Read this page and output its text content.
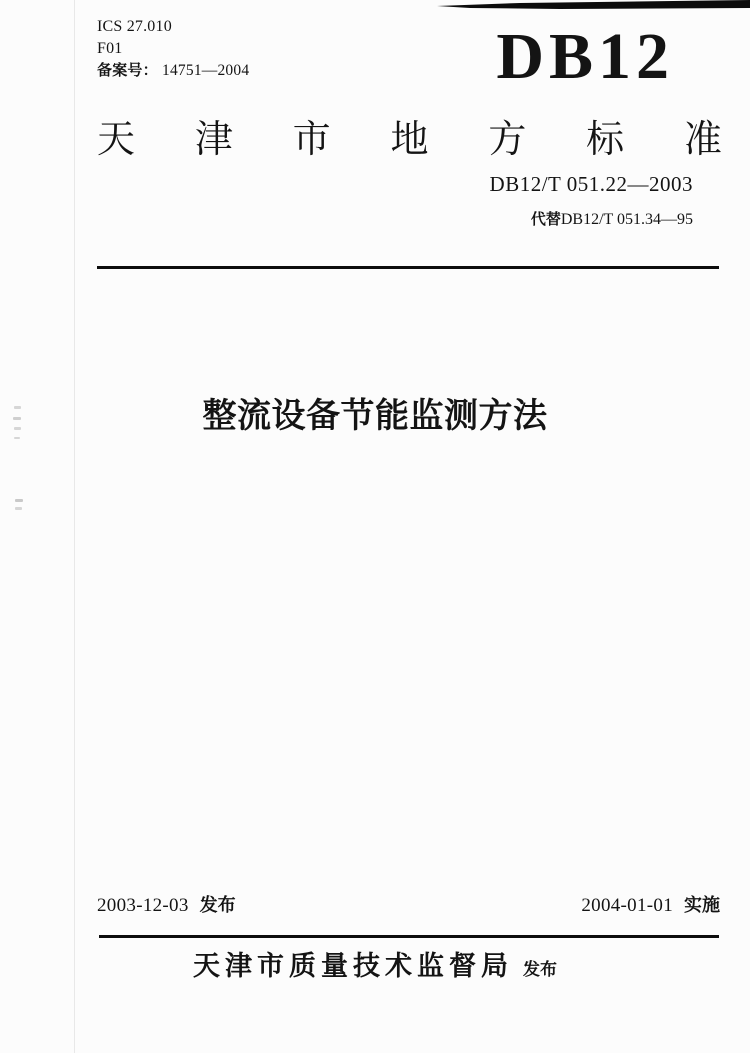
ICS 27.010
F01
备案号： 14751—2004	DB12
天 津 市 地 方 标 准
DB12/T 051.22—2003
代替DB12/T 051.34—95
整流设备节能监测方法
2003-12-03 发布	2004-01-01 实施
天津市质量技术监督局 发布
